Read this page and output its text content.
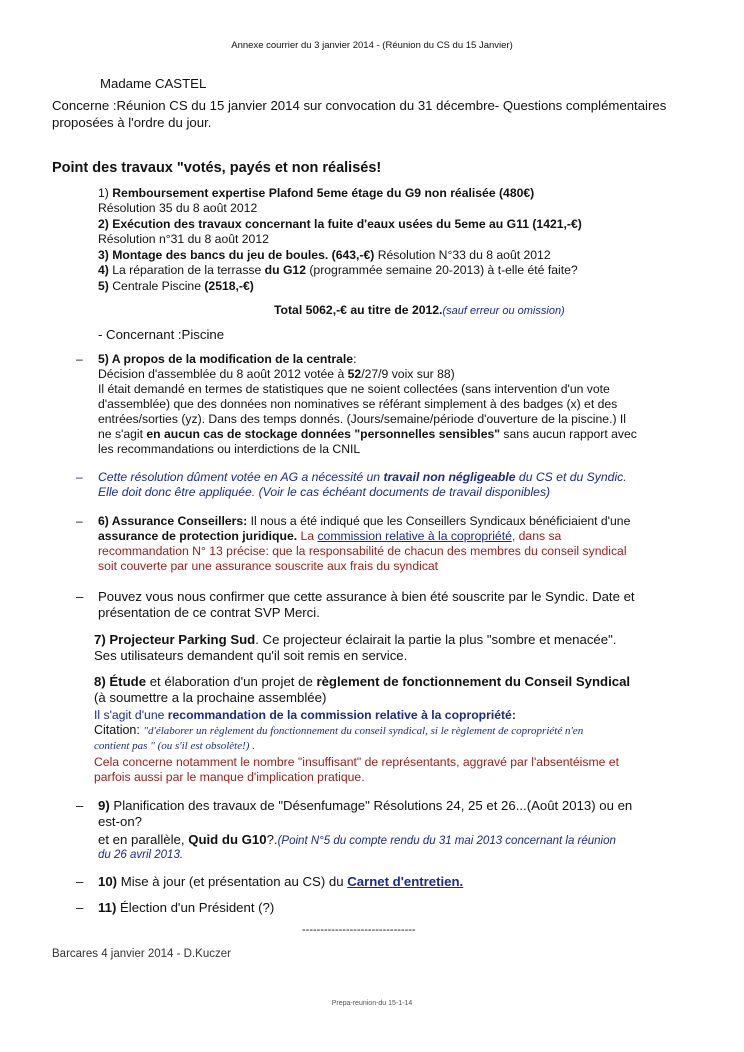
Annexe courrier du 3 janvier 2014 - (Réunion du CS du 15 Janvier)
Madame CASTEL
Concerne :Réunion CS du 15 janvier 2014 sur convocation du 31 décembre- Questions complémentaires
proposées à l'ordre du jour.
Point des travaux "votés, payés et non réalisés!
1) Remboursement expertise Plafond 5eme étage du G9 non réalisée (480€)
Résolution 35 du 8 août 2012
2) Exécution des travaux concernant la fuite d'eaux usées du 5eme au G11 (1421,-€)
Résolution n°31 du 8 août 2012
3) Montage des bancs du jeu de boules. (643,-€) Résolution N°33 du 8 août 2012
4) La réparation de la terrasse du G12 (programmée semaine 20-2013) à t-elle été faite?
5) Centrale Piscine (2518,-€)
Total 5062,-€ au titre de 2012.(sauf erreur ou omission)
- Concernant :Piscine
– 5) A propos de la modification de la centrale:
Décision d'assemblée du 8 août 2012 votée à 52/27/9 voix sur 88)
Il était demandé en termes de statistiques que ne soient collectées (sans intervention d'un vote
d'assemblée) que des données non nominatives se référant simplement à des badges (x) et des
entrées/sorties (yz). Dans des temps donnés. (Jours/semaine/période d'ouverture de la piscine.) Il
ne s'agit en aucun cas de stockage données "personnelles sensibles" sans aucun rapport avec
les recommandations ou interdictions de la CNIL
– Cette résolution dûment votée en AG a nécessité un travail non négligeable du CS et du Syndic.
Elle doit donc être appliquée. (Voir le cas échéant documents de travail disponibles)
– 6) Assurance Conseillers: Il nous a été indiqué que les Conseillers Syndicaux bénéficiaient d'une
assurance de protection juridique. La commission relative à la copropriété, dans sa
recommandation N° 13 précise: que la responsabilité de chacun des membres du conseil syndical
soit couverte par une assurance souscrite aux frais du syndicat
– Pouvez vous nous confirmer que cette assurance à bien été souscrite par le Syndic. Date et
présentation de ce contrat SVP Merci.
7) Projecteur Parking Sud. Ce projecteur éclairait la partie la plus "sombre et menacée".
Ses utilisateurs demandent qu'il soit remis en service.
8) Étude et élaboration d'un projet de règlement de fonctionnement du Conseil Syndical
(à soumettre a la prochaine assemblée)
Il s'agit d'une recommandation de la commission relative à la copropriété:
Citation: "d'élaborer un règlement du fonctionnement du conseil syndical, si le règlement de copropriété n'en
contient pas " (ou s'il est obsolète!) .
Cela concerne notamment le nombre "insuffisant" de représentants, aggravé par l'absentéisme et
parfois aussi par le manque d'implication pratique.
– 9) Planification des travaux de "Désenfumage" Résolutions 24, 25 et 26...(Août 2013) ou en
est-on?
et en parallèle, Quid du G10?.(Point N°5 du compte rendu du 31 mai 2013 concernant la réunion
du 26 avril 2013.
– 10) Mise à jour (et présentation au CS) du Carnet d'entretien.
– 11) Élection d'un Président (?)
-------------------------------
Barcares 4 janvier 2014 - D.Kuczer
Prepa-reunion-du 15-1-14
